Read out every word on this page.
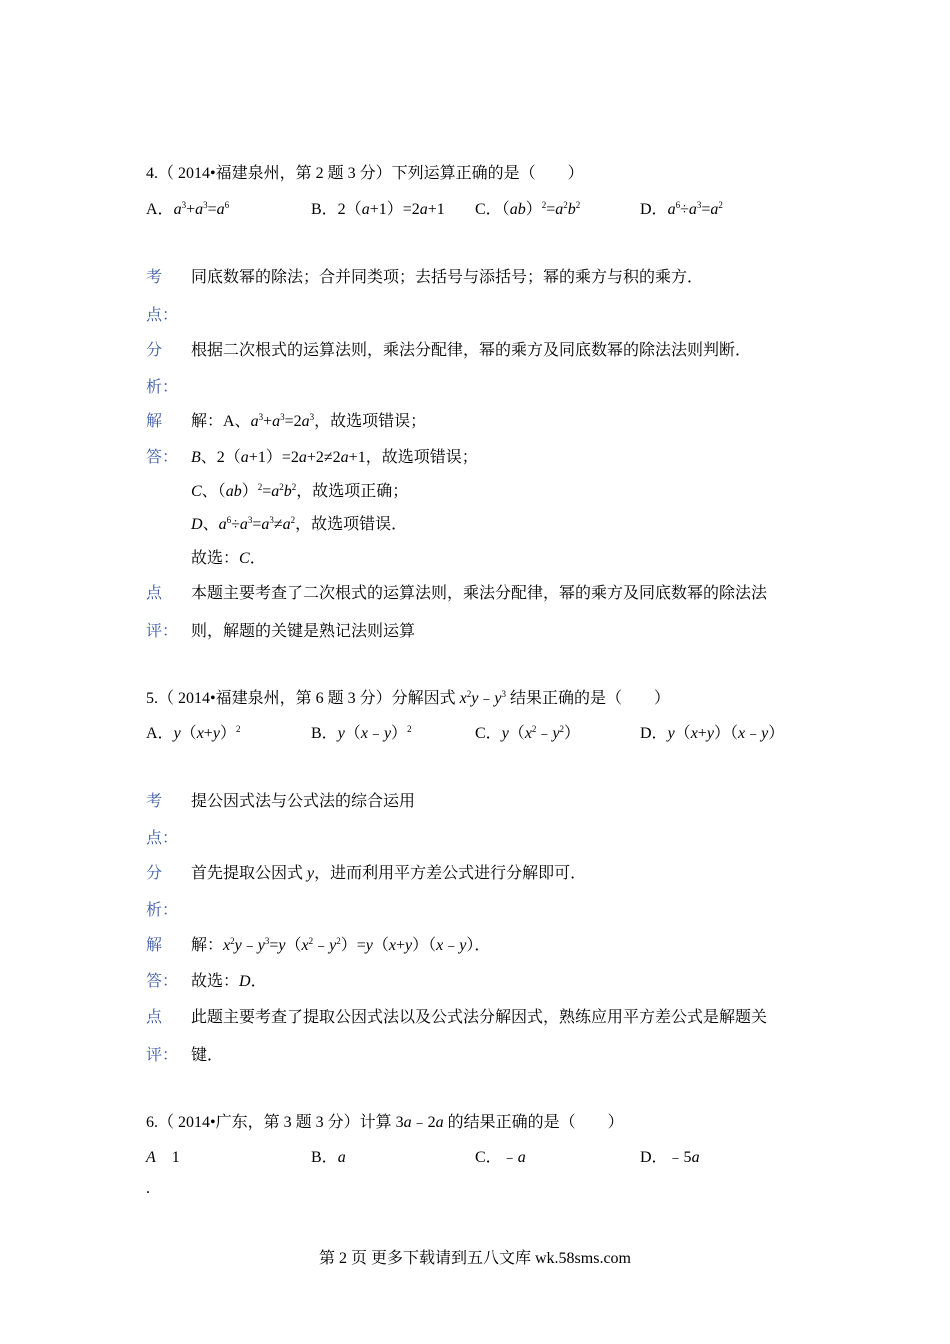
4.（ 2014•福建泉州，第 2 题 3 分）下列运算正确的是（　　）
A．$a^3+a^3=a^6$	B．2（a+1）=2a+1 C．$(ab)^2=a^2b^2$	D．$a^6\div a^3=a^2$
考
点：
同底数幂的除法；合并同类项；去括号与添括号；幂的乘方与积的乘方．
分
析：
根据二次根式的运算法则，乘法分配律，幂的乘方及同底数幂的除法法则判断．
解
答：
解：A、$a^3+a^3=2a^3$，故选项错误；
B、2（a+1）=2a+2≠2a+1，故选项错误；
C、$(ab)^2=a^2b^2$，故选项正确；
D、$a^6\div a^3=a^3\ne a^2$，故选项错误．
故选：C．
点
评：
本题主要考查了二次根式的运算法则，乘法分配律，幂的乘方及同底数幂的除法法
则，解题的关键是熟记法则运算
5.（ 2014•福建泉州，第 6 题 3 分）分解因式 $x^2y﹣y^3$ 结果正确的是（　　）
A．$y(x+y)^2$	B．y（x﹣y）$^2$	C．$y(x^2﹣y^2)$	D．y（x+y）（x﹣y）
考
点：
提公因式法与公式法的综合运用
分
析：
首先提取公因式 y，进而利用平方差公式进行分解即可．
解
答：
解：$x^2y﹣y^3=y(x^2﹣y^2)=y(x+y)(x﹣y)$．
故选：D．
点
评：
此题主要考查了提取公因式法以及公式法分解因式，熟练应用平方差公式是解题关
键．
6.（ 2014•广东，第 3 题 3 分）计算 3a﹣2a 的结果正确的是（　　）
A　1	B．a	C．﹣a	D．﹣5a
.
第 2 页 更多下载请到五八文库 wk.58sms.com
